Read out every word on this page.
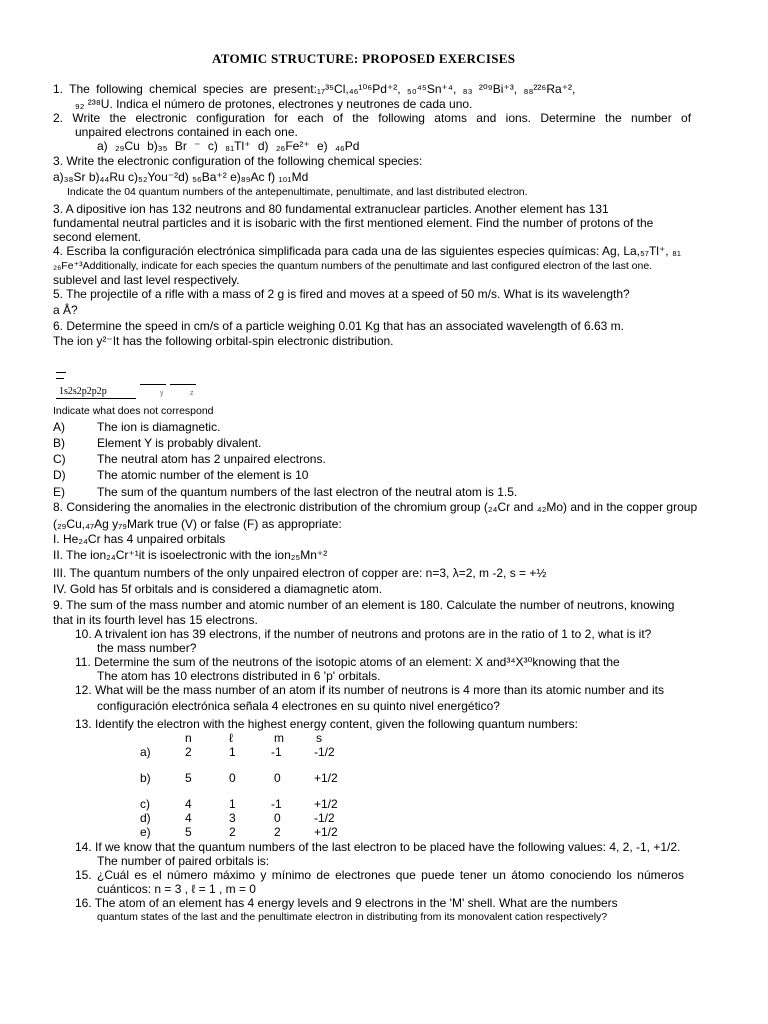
ATOMIC STRUCTURE: PROPOSED EXERCISES
1. The following chemical species are present:₁₇³⁵Cl,₄₆¹⁰⁶Pd⁺², ₅₀⁴⁵Sn⁺⁴, ₈₃ ²⁰⁹Bi⁺³, ₈₈²²⁶Ra⁺²,
₉₂ ²³⁸U. Indica el número de protones, electrones y neutrones de cada uno.
2. Write the electronic configuration for each of the following atoms and ions. Determine the number of
unpaired electrons contained in each one.
a) ₂₉Cu b)₃₅ Br ⁻ c) ₈₁Tl⁺ d) ₂₆Fe²⁺ e) ₄₆Pd
3. Write the electronic configuration of the following chemical species:
a)₃₈Sr b)₄₄Ru c)₅₂You⁻²d) ₅₆Ba⁺² e)₈₉Ac f) ₁₀₁Md
Indicate the 04 quantum numbers of the antepenultimate, penultimate, and last distributed electron.
3. A dipositive ion has 132 neutrons and 80 fundamental extranuclear particles. Another element has 131
fundamental neutral particles and it is isobaric with the first mentioned element. Find the number of protons of the
second element.
4. Escriba la configuración electrónica simplificada para cada una de las siguientes especies químicas: Ag, La,₅₇Tl⁺, ₈₁
₂₆Fe⁺³Additionally, indicate for each species the quantum numbers of the penultimate and last configured electron of the last one.
sublevel and last level respectively.
5. The projectile of a rifle with a mass of 2 g is fired and moves at a speed of 50 m/s. What is its wavelength?
a Å?
6. Determine the speed in cm/s of a particle weighing 0.01 Kg that has an associated wavelength of 6.63 m.
The ion y²⁻It has the following orbital-spin electronic distribution.
1s2s2p2p2p	y	z
Indicate what does not correspond
A)	The ion is diamagnetic.
B)	Element Y is probably divalent.
C)	The neutral atom has 2 unpaired electrons.
D)	The atomic number of the element is 10
E)	The sum of the quantum numbers of the last electron of the neutral atom is 1.5.
8. Considering the anomalies in the electronic distribution of the chromium group (₂₄Cr and ₄₂Mo) and in the copper group
(₂₉Cu,₄₇Ag y₇₉Mark true (V) or false (F) as appropriate:
I. He₂₄Cr has 4 unpaired orbitals
II. The ion₂₄Cr⁺¹it is isoelectronic with the ion₂₅Mn⁺²
III. The quantum numbers of the only unpaired electron of copper are: n=3, λ=2, m -2, s = +½
IV. Gold has 5f orbitals and is considered a diamagnetic atom.
9. The sum of the mass number and atomic number of an element is 180. Calculate the number of neutrons, knowing
that in its fourth level has 15 electrons.
10. A trivalent ion has 39 electrons, if the number of neutrons and protons are in the ratio of 1 to 2, what is it?
the mass number?
11. Determine the sum of the neutrons of the isotopic atoms of an element: X and³⁴X³⁰knowing that the
The atom has 10 electrons distributed in 6 'p' orbitals.
12. What will be the mass number of an atom if its number of neutrons is 4 more than its atomic number and its
configuración electrónica señala 4 electrones en su quinto nivel energético?
13. Identify the electron with the highest energy content, given the following quantum numbers:
n	ℓ	m	s
a)	2	1	-1	-1/2
b)	5	0	0	+1/2
c)	4	1	-1	+1/2
d)	4	3	0	-1/2
e)	5	2	2	+1/2
14. If we know that the quantum numbers of the last electron to be placed have the following values: 4, 2, -1, +1/2.
The number of paired orbitals is:
15. ¿Cuál es el número máximo y mínimo de electrones que puede tener un átomo conociendo los números
cuánticos: n = 3 , ℓ = 1 , m = 0
16. The atom of an element has 4 energy levels and 9 electrons in the 'M' shell. What are the numbers
quantum states of the last and the penultimate electron in distributing from its monovalent cation respectively?
